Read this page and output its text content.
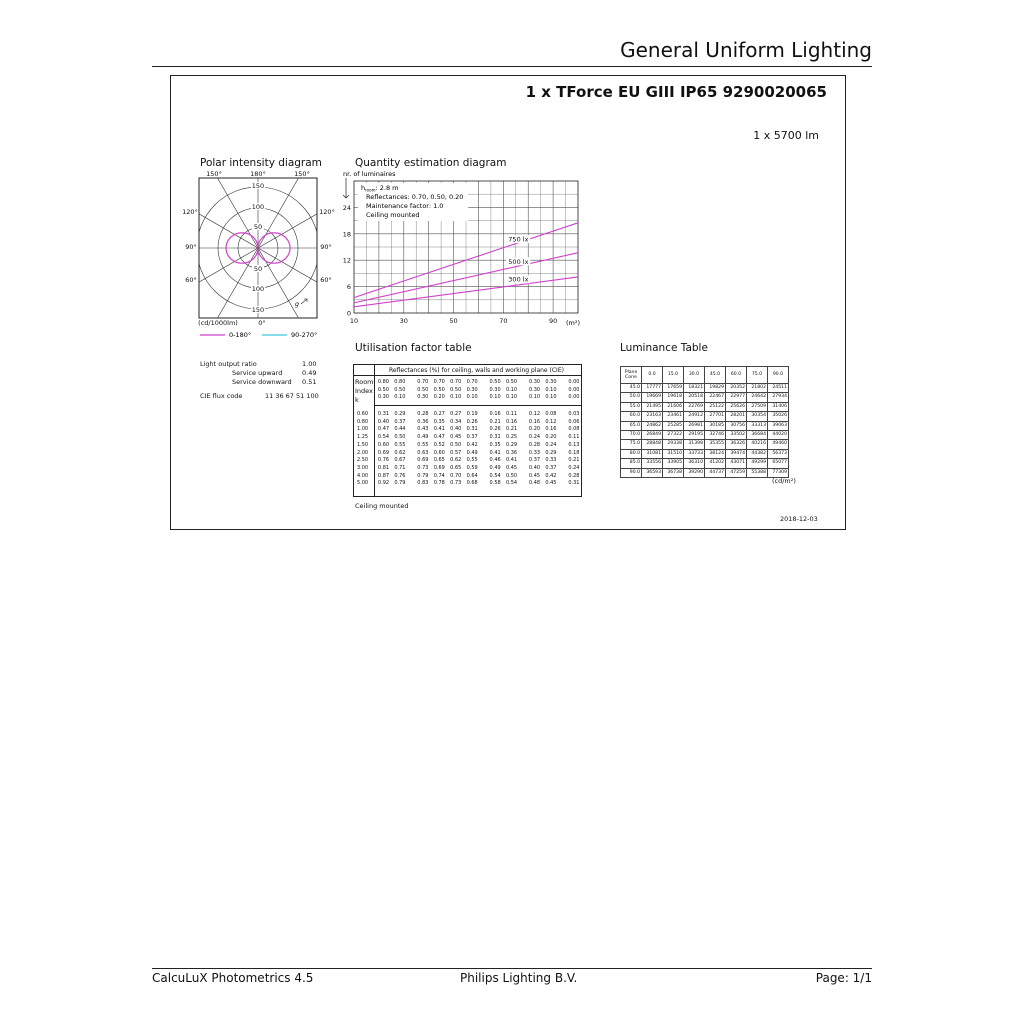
General Uniform Lighting
1 x TForce EU GIII IP65 9290020065
1 x 5700 lm
Polar intensity diagram
150
100
50
50
100
150
150°	180°	150°
120°
90°
60°
120°
90°
60°
0°
(cd/1000lm)
g
0-180°	90-270°
Light output ratio	1.00
Service upward	0.49
Service downward	0.51
CIE flux code	11 36 67 51 100
Quantity estimation diagram
nr. of luminaires
750 lx
500 lx
300 lx
10	30	50	70	90
0
6
12
18
24
$h_{room}$: 2.8 m
Reflectances: 0.70, 0.50, 0.20
Maintenance factor: 1.0
Ceiling mounted
(m²)
Utilisation factor table
Reflectances (%) for ceiling, walls and working plane (CIE)
Room
Index
k
0.80	0.80	0.70	0.70	0.70	0.70	0.50	0.50	0.30	0.30	0.00
0.50	0.50	0.50	0.50	0.50	0.30	0.30	0.10	0.30	0.10	0.00
0.30	0.10	0.30	0.20	0.10	0.10	0.10	0.10	0.10	0.10	0.00
0.60	0.31	0.29	0.28	0.27	0.27	0.19	0.16	0.11	0.12	0.08	0.03
0.80	0.40	0.37	0.36	0.35	0.34	0.26	0.21	0.16	0.16	0.12	0.06
1.00	0.47	0.44	0.43	0.41	0.40	0.31	0.26	0.21	0.20	0.16	0.08
1.25	0.54	0.50	0.49	0.47	0.45	0.37	0.31	0.25	0.24	0.20	0.11
1.50	0.60	0.55	0.55	0.52	0.50	0.42	0.35	0.29	0.28	0.24	0.13
2.00	0.69	0.62	0.63	0.60	0.57	0.49	0.41	0.36	0.33	0.29	0.18
2.50	0.76	0.67	0.69	0.65	0.62	0.55	0.46	0.41	0.37	0.33	0.21
3.00	0.81	0.71	0.73	0.69	0.65	0.59	0.49	0.45	0.40	0.37	0.24
4.00	0.87	0.76	0.79	0.74	0.70	0.64	0.54	0.50	0.45	0.42	0.28
5.00	0.92	0.79	0.83	0.78	0.73	0.68	0.58	0.54	0.48	0.45	0.31
Ceiling mounted
Luminance Table
Plane
Cone	0.0	15.0	30.0	45.0	60.0	75.0	90.0
45.0	17777	17659	18321	19829	20352	21802	24511
50.0	19669	19618	20518	22467	22977	24642	27934
55.0	21495	21606	22769	25122	25626	27509	31406
60.0	23163	23461	24912	27701	28201	30354	35026
65.0	24862	25285	26981	30185	30756	33313	39063
70.0	26849	27322	29195	32746	33502	36684	44020
75.0	28848	29338	31398	35355	36326	40216	49460
80.0	31081	31510	33733	38124	39474	44382	56373
85.0	33556	33905	36310	41202	43071	49299	65077
90.0	36593	36738	39290	44737	47259	55388	77309
(cd/m²)
2018-12-03
CalcuLuX Photometrics 4.5	Philips Lighting B.V.	Page: 1/1
